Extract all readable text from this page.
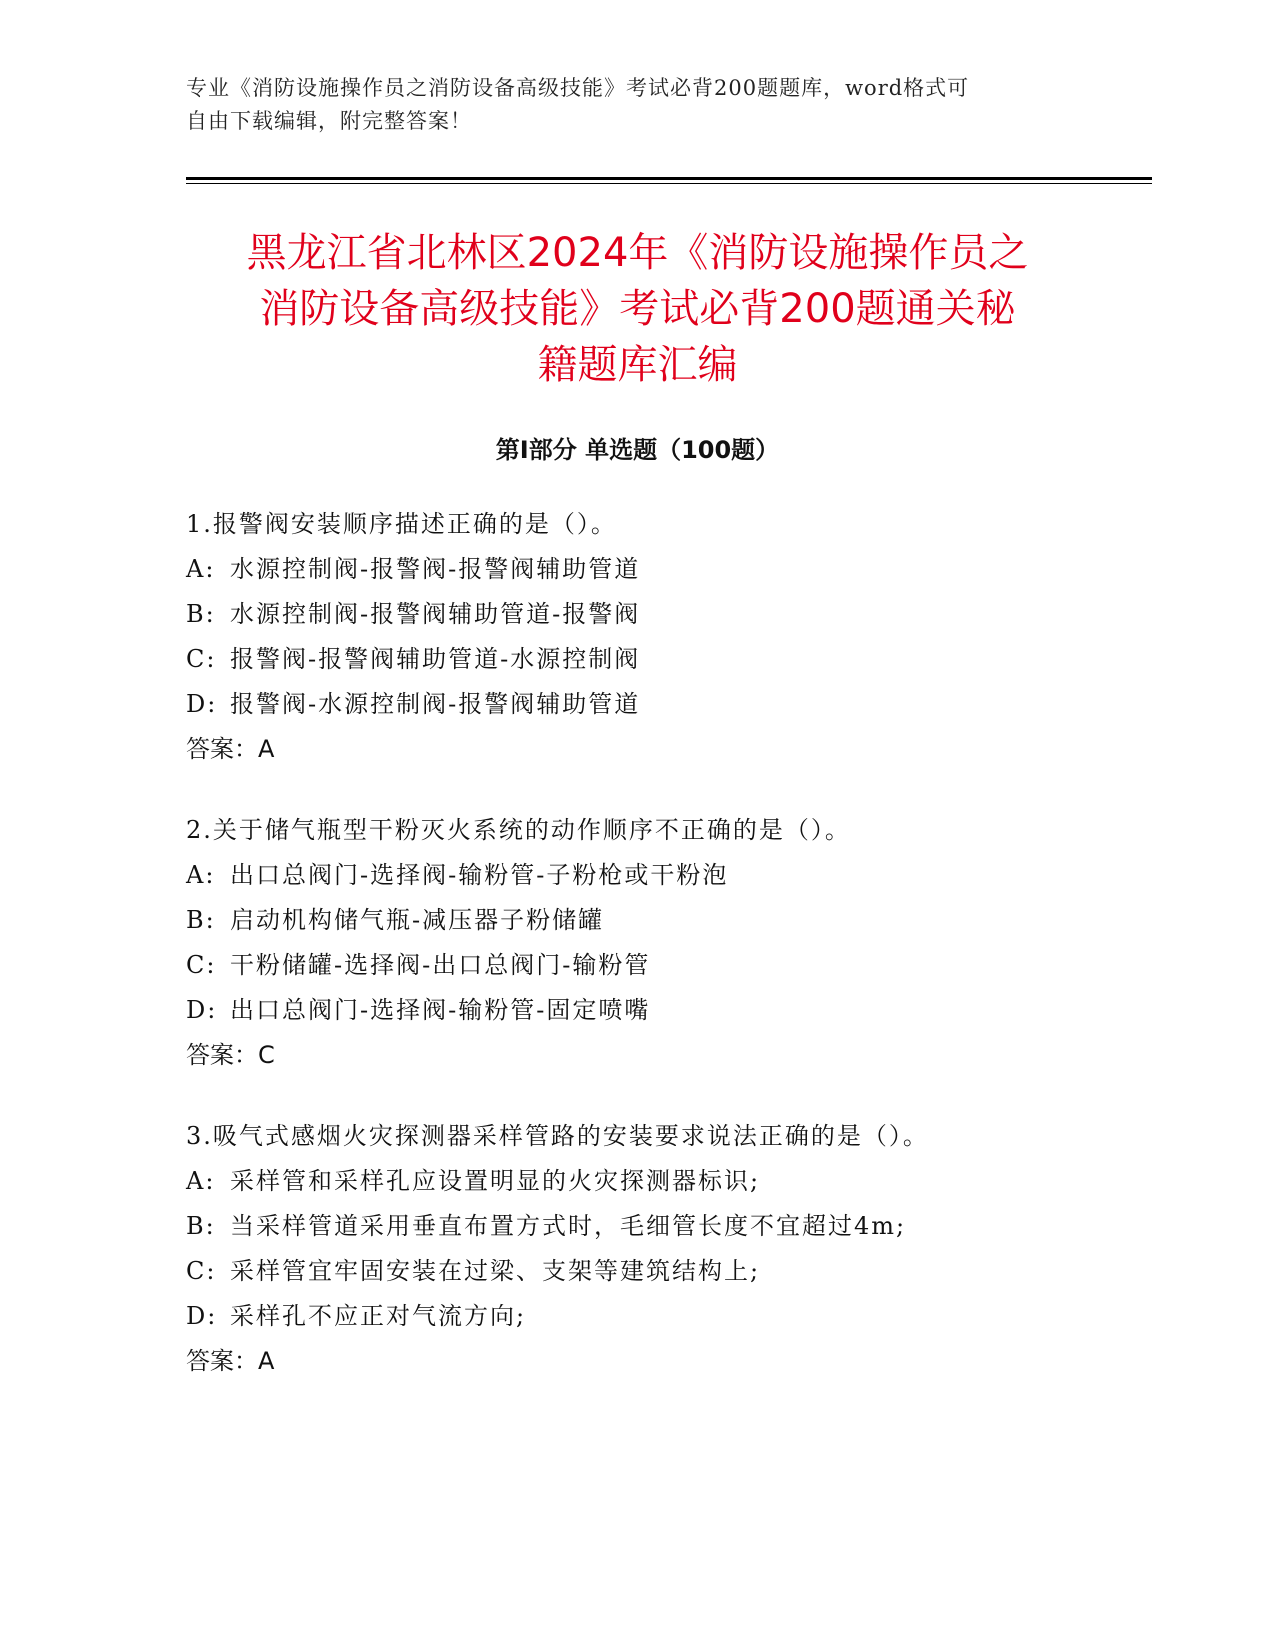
专业《消防设施操作员之消防设备高级技能》考试必背200题题库，word格式可
自由下载编辑，附完整答案！
黑龙江省北林区2024年《消防设施操作员之
消防设备高级技能》考试必背200题通关秘
籍题库汇编
第Ⅰ部分 单选题（100题）
1.报警阀安装顺序描述正确的是（）。
A: 水源控制阀-报警阀-报警阀辅助管道
B: 水源控制阀-报警阀辅助管道-报警阀
C: 报警阀-报警阀辅助管道-水源控制阀
D: 报警阀-水源控制阀-报警阀辅助管道
答案：A
2.关于储气瓶型干粉灭火系统的动作顺序不正确的是（）。
A: 出口总阀门-选择阀-输粉管-子粉枪或干粉泡
B: 启动机构储气瓶-减压器子粉储罐
C: 干粉储罐-选择阀-出口总阀门-输粉管
D: 出口总阀门-选择阀-输粉管-固定喷嘴
答案：C
3.吸气式感烟火灾探测器采样管路的安装要求说法正确的是（）。
A: 采样管和采样孔应设置明显的火灾探测器标识;
B: 当采样管道采用垂直布置方式时，毛细管长度不宜超过4m;
C: 采样管宜牢固安装在过梁、支架等建筑结构上;
D: 采样孔不应正对气流方向;
答案：A
